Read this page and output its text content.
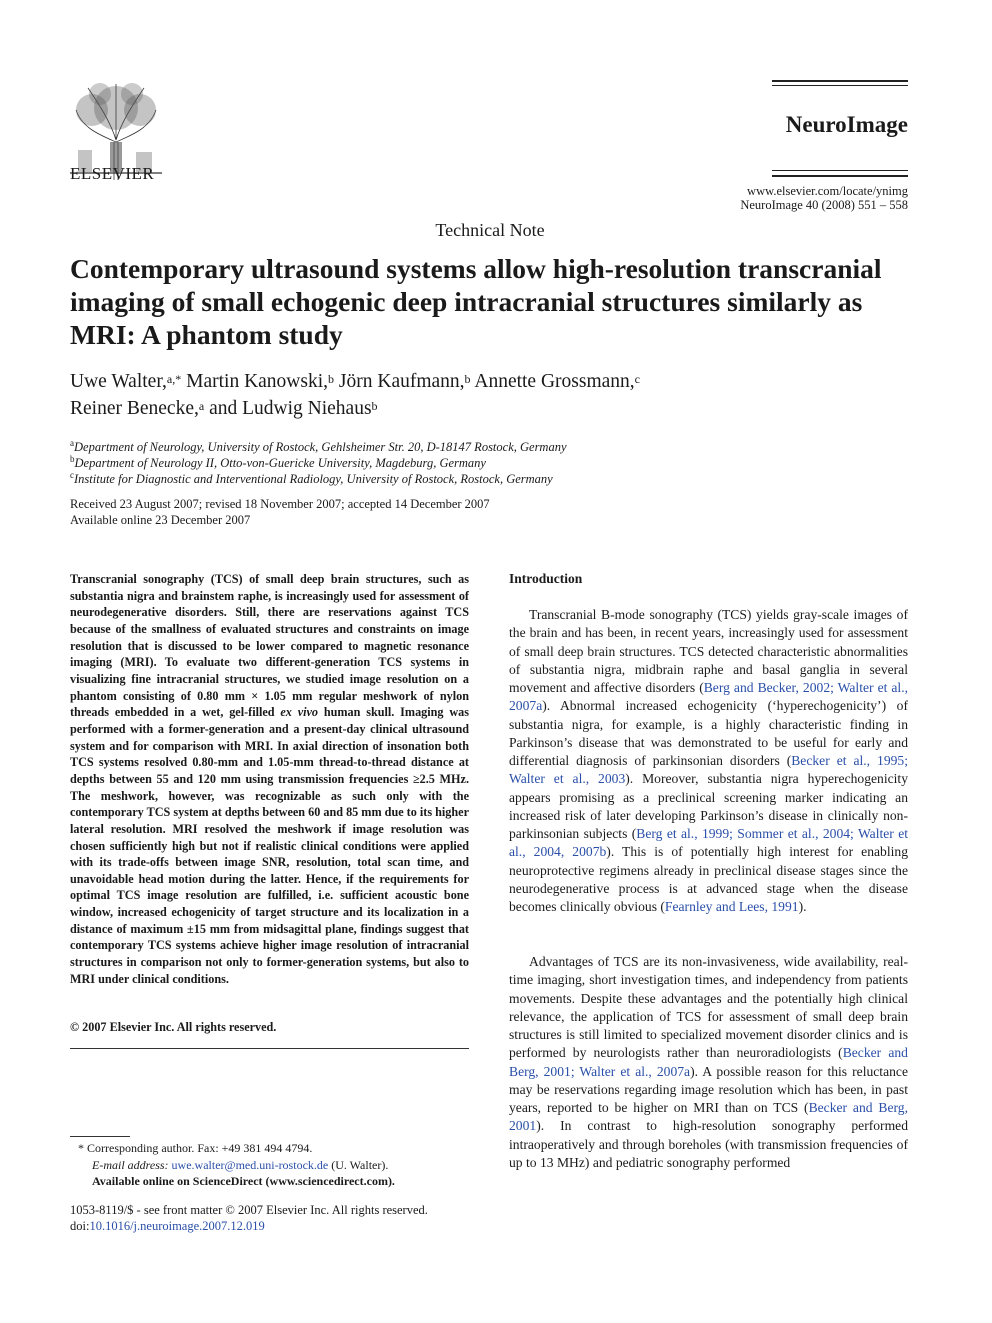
ELSEVIER
NeuroImage
www.elsevier.com/locate/ynimg
NeuroImage 40 (2008) 551 – 558
Technical Note
Contemporary ultrasound systems allow high-resolution transcranial imaging of small echogenic deep intracranial structures similarly as MRI: A phantom study
Uwe Walter,$^{a,*}$ Martin Kanowski,$^b$ Jörn Kaufmann,$^b$ Annette Grossmann,$^c$
Reiner Benecke,$^a$ and Ludwig Niehaus$^b$
$^a$Department of Neurology, University of Rostock, Gehlsheimer Str. 20, D-18147 Rostock, Germany
$^b$Department of Neurology II, Otto-von-Guericke University, Magdeburg, Germany
$^c$Institute for Diagnostic and Interventional Radiology, University of Rostock, Rostock, Germany
Received 23 August 2007; revised 18 November 2007; accepted 14 December 2007
Available online 23 December 2007
Transcranial sonography (TCS) of small deep brain structures, such as substantia nigra and brainstem raphe, is increasingly used for assessment of neurodegenerative disorders. Still, there are reservations against TCS because of the smallness of evaluated structures and constraints on image resolution that is discussed to be lower compared to magnetic resonance imaging (MRI). To evaluate two different-generation TCS systems in visualizing fine intracranial structures, we studied image resolution on a phantom consisting of 0.80 mm × 1.05 mm regular meshwork of nylon threads embedded in a wet, gel-filled ex vivo human skull. Imaging was performed with a former-generation and a present-day clinical ultrasound system and for comparison with MRI. In axial direction of insonation both TCS systems resolved 0.80-mm and 1.05-mm thread-to-thread distance at depths between 55 and 120 mm using transmission frequencies ≥2.5 MHz. The meshwork, however, was recognizable as such only with the contemporary TCS system at depths between 60 and 85 mm due to its higher lateral resolution. MRI resolved the meshwork if image resolution was chosen sufficiently high but not if realistic clinical conditions were applied with its trade-offs between image SNR, resolution, total scan time, and unavoidable head motion during the latter. Hence, if the requirements for optimal TCS image resolution are fulfilled, i.e. sufficient acoustic bone window, increased echogenicity of target structure and its localization in a distance of maximum ±15 mm from midsagittal plane, findings suggest that contemporary TCS systems achieve higher image resolution of intracranial structures in comparison not only to former-generation systems, but also to MRI under clinical conditions.
© 2007 Elsevier Inc. All rights reserved.
* Corresponding author. Fax: +49 381 494 4794.
E-mail address: uwe.walter@med.uni-rostock.de (U. Walter).
Available online on ScienceDirect (www.sciencedirect.com).
1053-8119/$ - see front matter © 2007 Elsevier Inc. All rights reserved.
doi:10.1016/j.neuroimage.2007.12.019
Introduction
Transcranial B-mode sonography (TCS) yields gray-scale images of the brain and has been, in recent years, increasingly used for assessment of small deep brain structures. TCS detected characteristic abnormalities of substantia nigra, midbrain raphe and basal ganglia in several movement and affective disorders (Berg and Becker, 2002; Walter et al., 2007a). Abnormal increased echogenicity (‘hyperechogenicity’) of substantia nigra, for example, is a highly characteristic finding in Parkinson’s disease that was demonstrated to be useful for early and differential diagnosis of parkinsonian disorders (Becker et al., 1995; Walter et al., 2003). Moreover, substantia nigra hyperechogenicity appears promising as a preclinical screening marker indicating an increased risk of later developing Parkinson’s disease in clinically non-parkinsonian subjects (Berg et al., 1999; Sommer et al., 2004; Walter et al., 2004, 2007b). This is of potentially high interest for enabling neuroprotective regimens already in preclinical disease stages since the neurodegenerative process is at advanced stage when the disease becomes clinically obvious (Fearnley and Lees, 1991).
Advantages of TCS are its non-invasiveness, wide availability, real-time imaging, short investigation times, and independency from patients movements. Despite these advantages and the potentially high clinical relevance, the application of TCS for assessment of small deep brain structures is still limited to specialized movement disorder clinics and is performed by neurologists rather than neuroradiologists (Becker and Berg, 2001; Walter et al., 2007a). A possible reason for this reluctance may be reservations regarding image resolution which has been, in past years, reported to be higher on MRI than on TCS (Becker and Berg, 2001). In contrast to high-resolution sonography performed intraoperatively and through boreholes (with transmission frequencies of up to 13 MHz) and pediatric sonography performed
